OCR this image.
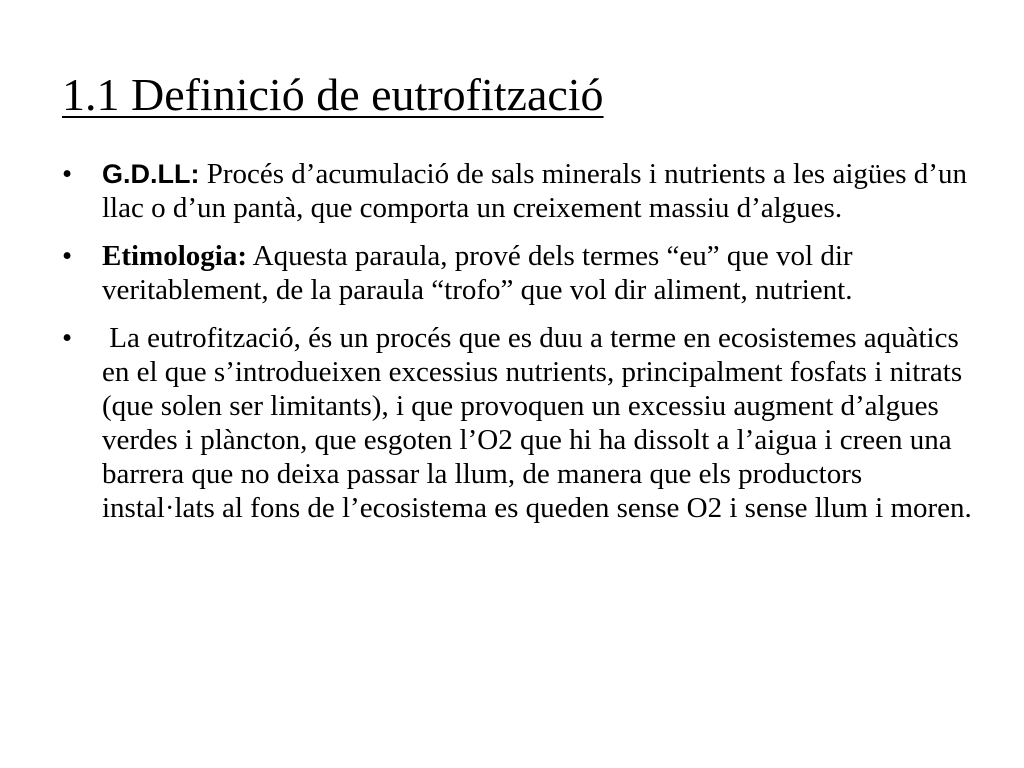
1.1 Definició de eutrofització
•	G.D.LL: Procés d’acumulació de sals minerals i nutrients a les aigües d’un llac o d’un pantà, que comporta un creixement massiu d’algues.
•	Etimologia: Aquesta paraula, prové dels termes “eu” que vol dir veritablement, de la paraula “trofo” que vol dir aliment, nutrient.
•	La eutrofització, és un procés que es duu a terme en ecosistemes aquàtics en el que s’introdueixen excessius nutrients, principalment fosfats i nitrats (que solen ser limitants), i que provoquen un excessiu augment d’algues verdes i plàncton, que esgoten l’O2 que hi ha dissolt a l’aigua i creen una barrera que no deixa passar la llum, de manera que els productors instal·lats al fons de l’ecosistema es queden sense O2 i sense llum i moren.
